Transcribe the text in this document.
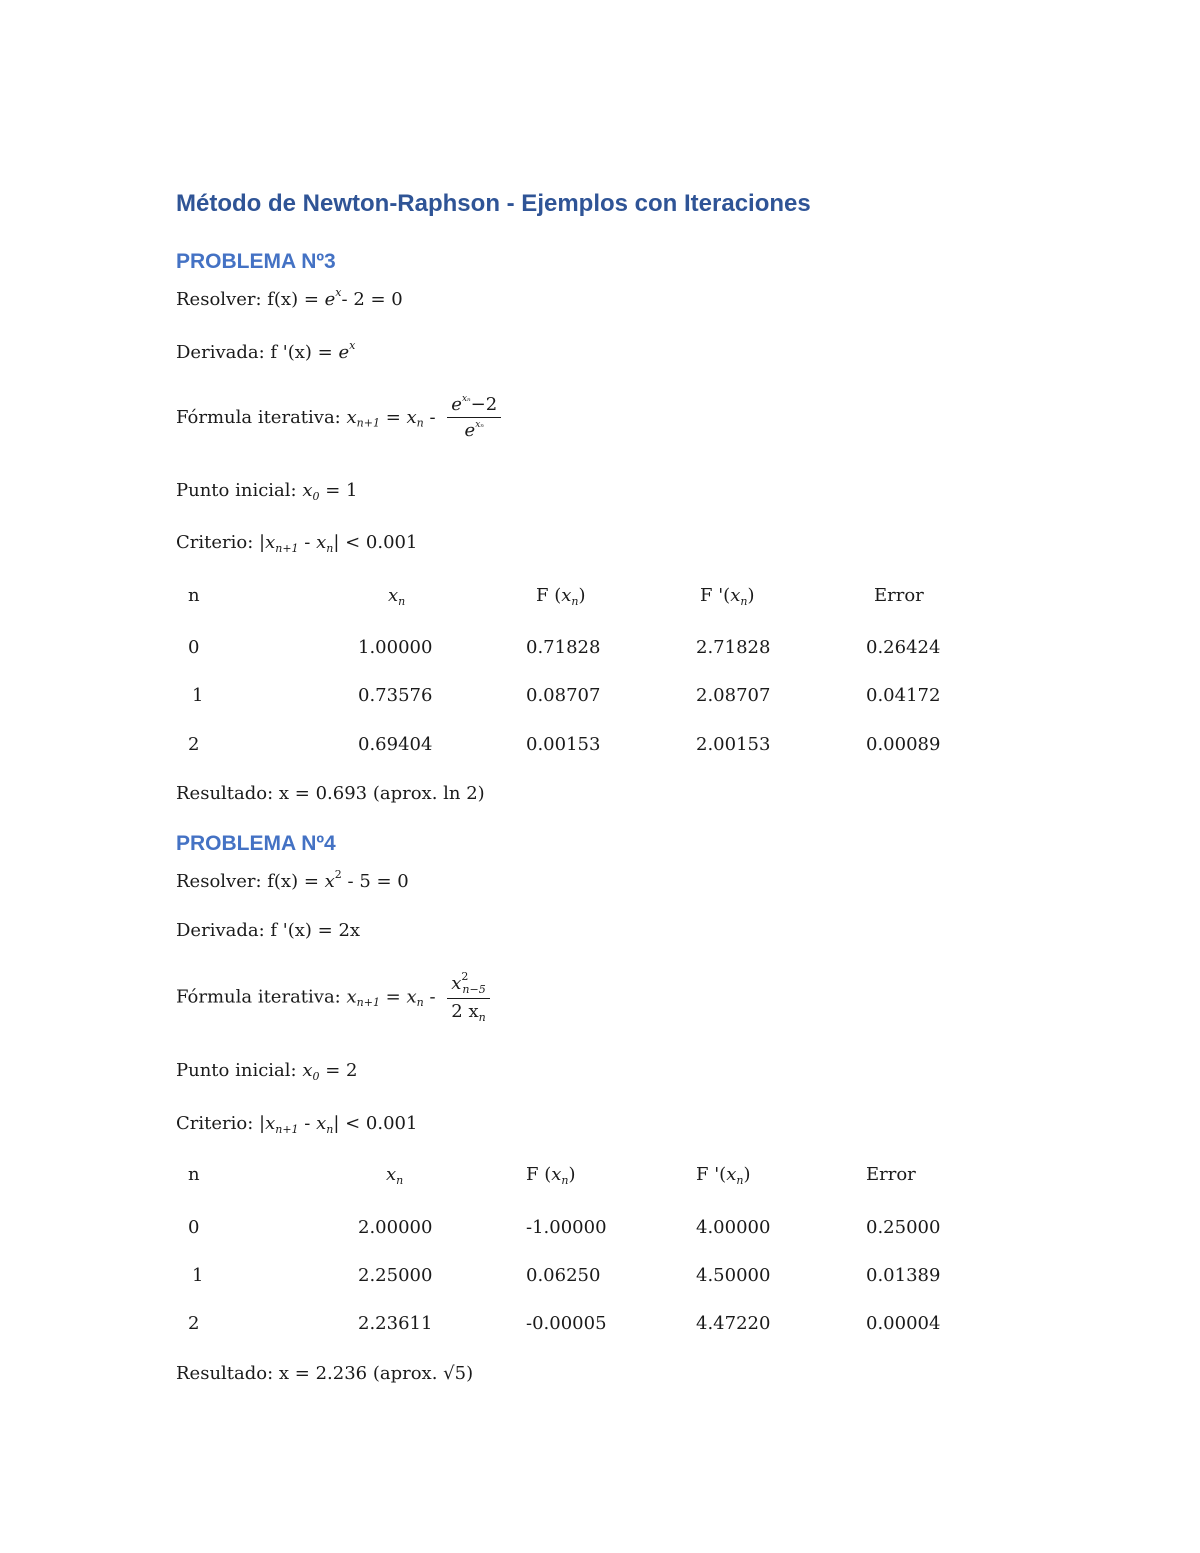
Método de Newton-Raphson - Ejemplos con Iteraciones
PROBLEMA Nº3
Resolver: $f(x) = e^x-$ 2 = 0
Derivada: f '$(x) = e^x$
Fórmula iterativa: $x_{n+1} = x_n - \frac{e^{x_n}-2}{e^{x_n}}$
Punto inicial: $x_0 = 1$
Criterio: $|x_{n+1} - x_n| < 0.001$
n	$x_n$	F $(x_n)$	F '$(x_n)$	Error
0	1.00000	0.71828	2.71828	0.26424
1	0.73576	0.08707	2.08707	0.04172
2	0.69404	0.00153	2.00153	0.00089
Resultado: x = 0.693 (aprox. ln 2)
PROBLEMA Nº4
Resolver: $f(x) = x^2 - 5 = 0$
Derivada: f '(x) = 2x
Fórmula iterativa: $x_{n+1} = x_n - \frac{x^2_{n-5}}{2 x_n}$
Punto inicial: $x_0 = 2$
Criterio: $|x_{n+1} - x_n| < 0.001$
n	$x_n$	F $(x_n)$	F '$(x_n)$	Error
0	2.00000	-1.00000	4.00000	0.25000
1	2.25000	0.06250	4.50000	0.01389
2	2.23611	-0.00005	4.47220	0.00004
Resultado: x = 2.236 (aprox. √5)
